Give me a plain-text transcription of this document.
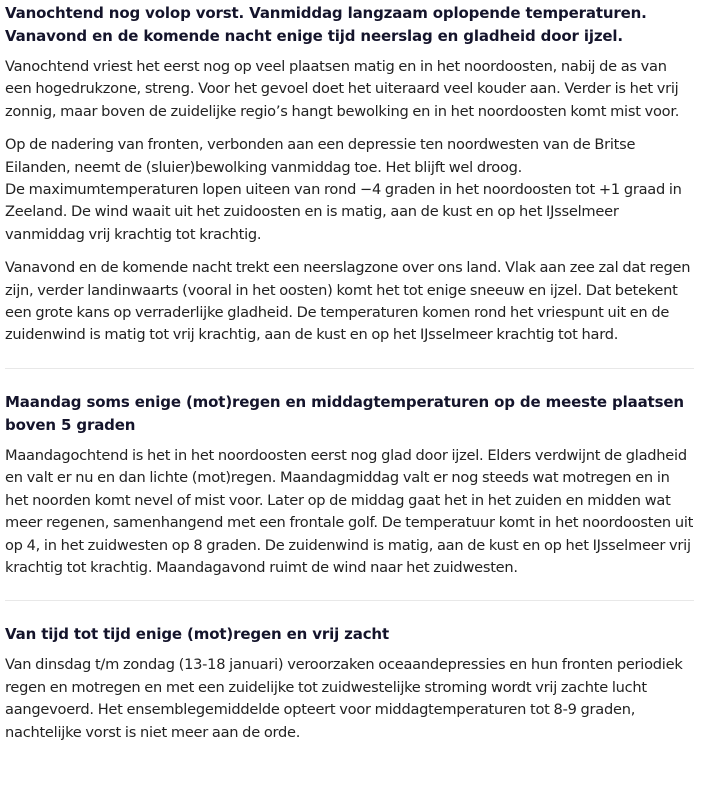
Vanochtend nog volop vorst. Vanmiddag langzaam oplopende temperaturen. Vanavond en de komende nacht enige tijd neerslag en gladheid door ijzel.

Vanochtend vriest het eerst nog op veel plaatsen matig en in het noordoosten, nabij de as van een hogedrukzone, streng. Voor het gevoel doet het uiteraard veel kouder aan. Verder is het vrij zonnig, maar boven de zuidelijke regio’s hangt bewolking en in het noordoosten komt mist voor.

Op de nadering van fronten, verbonden aan een depressie ten noordwesten van de Britse Eilanden, neemt de (sluier)bewolking vanmiddag toe. Het blijft wel droog.
De maximumtemperaturen lopen uiteen van rond −4 graden in het noordoosten tot +1 graad in Zeeland. De wind waait uit het zuidoosten en is matig, aan de kust en op het IJsselmeer vanmiddag vrij krachtig tot krachtig.

Vanavond en de komende nacht trekt een neerslagzone over ons land. Vlak aan zee zal dat regen zijn, verder landinwaarts (vooral in het oosten) komt het tot enige sneeuw en ijzel. Dat betekent een grote kans op verraderlijke gladheid. De temperaturen komen rond het vriespunt uit en de zuidenwind is matig tot vrij krachtig, aan de kust en op het IJsselmeer krachtig tot hard.

Maandag soms enige (mot)regen en middagtemperaturen op de meeste plaatsen boven 5 graden

Maandagochtend is het in het noordoosten eerst nog glad door ijzel. Elders verdwijnt de gladheid en valt er nu en dan lichte (mot)regen. Maandagmiddag valt er nog steeds wat motregen en in het noorden komt nevel of mist voor. Later op de middag gaat het in het zuiden en midden wat meer regenen, samenhangend met een frontale golf. De temperatuur komt in het noordoosten uit op 4, in het zuidwesten op 8 graden. De zuidenwind is matig, aan de kust en op het IJsselmeer vrij krachtig tot krachtig. Maandagavond ruimt de wind naar het zuidwesten.

Van tijd tot tijd enige (mot)regen en vrij zacht

Van dinsdag t/m zondag (13-18 januari) veroorzaken oceaandepressies en hun fronten periodiek regen en motregen en met een zuidelijke tot zuidwestelijke stroming wordt vrij zachte lucht aangevoerd. Het ensemblegemiddelde opteert voor middagtemperaturen tot 8-9 graden, nachtelijke vorst is niet meer aan de orde.
